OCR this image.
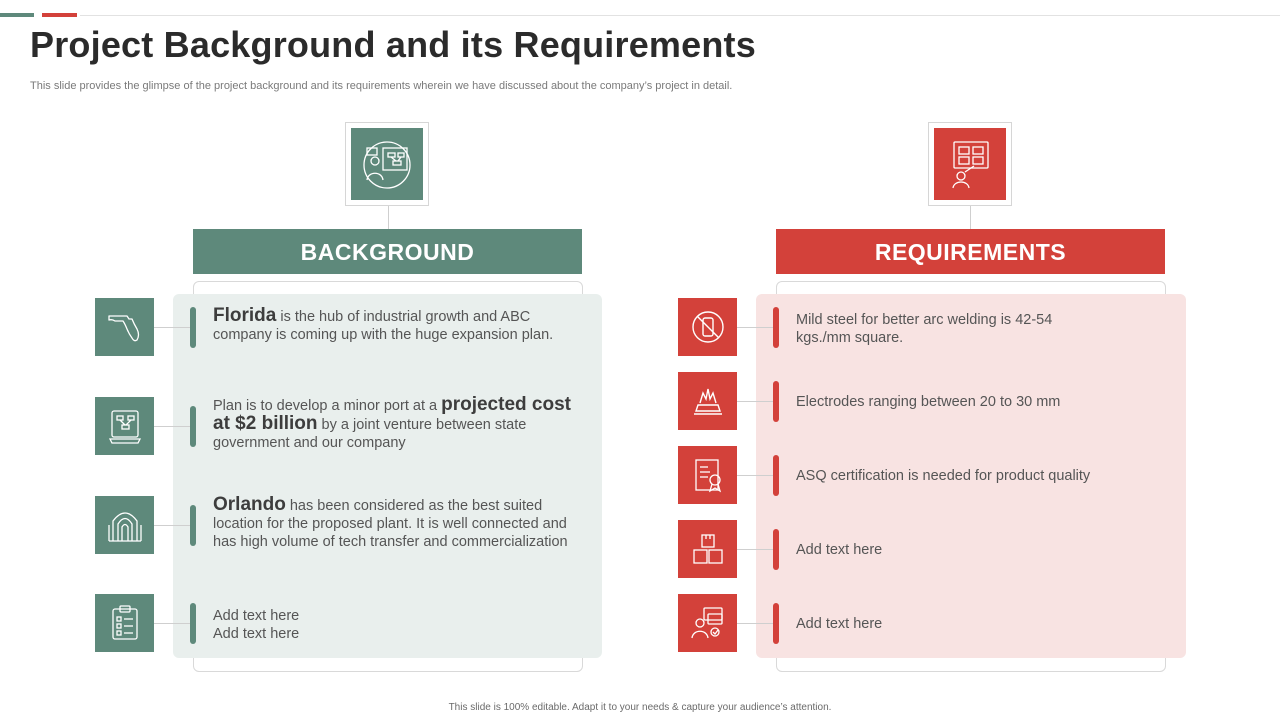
Project Background and its Requirements
This slide provides the glimpse of the project background and its requirements wherein we have discussed about the company’s project in detail.
BACKGROUND
Florida is the hub of industrial growth and ABC company is coming up with the huge expansion plan.
Plan is to develop a minor port at a projected cost at $2 billion by a joint venture between state government and our company
Orlando has been considered as the best suited location for the proposed plant. It is well connected and has high volume of tech transfer and commercialization
Add text here
Add text here
REQUIREMENTS
Mild steel for better arc welding is 42-54 kgs./mm square.
Electrodes ranging between 20 to 30 mm
ASQ certification is needed for product quality
Add text here
Add text here
This slide is 100% editable. Adapt it to your needs & capture your audience’s attention.
